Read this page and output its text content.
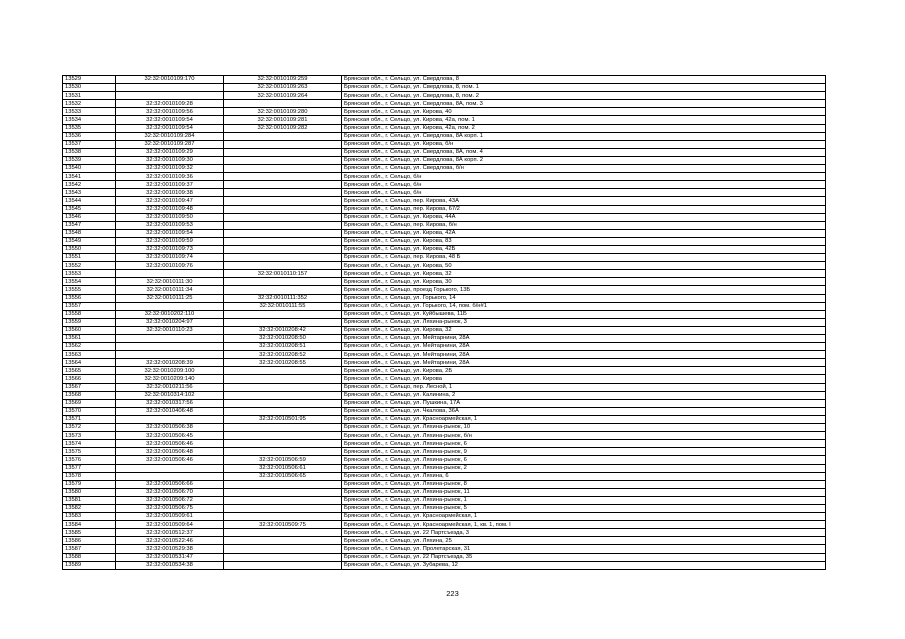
13529	32:32:0010109:170	32:32:0010109:259	Брянская обл., г. Сельцо, ул. Свердлова, 8
13530		32:32:0010109:263	Брянская обл., г. Сельцо, ул. Свердлова, 8, пом. 1
13531		32:32:0010109:264	Брянская обл., г. Сельцо, ул. Свердлова, 8, пом. 2
13532	32:32:0010109:28		Брянская обл., г. Сельцо, ул. Свердлова, 8А, пом. 3
13533	32:32:0010109:56	32:32:0010109:280	Брянская обл., г. Сельцо, ул. Кирова, 40
13534	32:32:0010109:54	32:32:0010109:281	Брянская обл., г. Сельцо, ул. Кирова, 42а, пом. 1
13535	32:32:0010109:54	32:32:0010109:282	Брянская обл., г. Сельцо, ул. Кирова, 42а, пом. 2
13536	32:32:0010109:284		Брянская обл., г. Сельцо, ул. Свердлова, 8А корп. 1
13537	32:32:0010109:287		Брянская обл., г. Сельцо, ул. Кирова, б/н
13538	32:32:0010109:29		Брянская обл., г. Сельцо, ул. Свердлова, 8А, пом. 4
13539	32:32:0010109:30		Брянская обл., г. Сельцо, ул. Свердлова, 8А корп. 2
13540	32:32:0010109:32		Брянская обл., г. Сельцо, ул. Свердлова, б/н
13541	32:32:0010109:36		Брянская обл., г. Сельцо, б/н
13542	32:32:0010109:37		Брянская обл., г. Сельцо, б/н
13543	32:32:0010109:38		Брянская обл., г. Сельцо, б/н
13544	32:32:0010109:47		Брянская обл., г. Сельцо, пер. Кирова, 43А
13545	32:32:0010109:48		Брянская обл., г. Сельцо, пер. Кирова, 67/2
13546	32:32:0010109:50		Брянская обл., г. Сельцо, ул. Кирова, 44А
13547	32:32:0010109:53		Брянская обл., г. Сельцо, пер. Кирова, б/н
13548	32:32:0010109:54		Брянская обл., г. Сельцо, ул. Кирова, 42А
13549	32:32:0010109:59		Брянская обл., г. Сельцо, ул. Кирова, 83
13550	32:32:0010109:73		Брянская обл., г. Сельцо, ул. Кирова, 42Б
13551	32:32:0010109:74		Брянская обл., г. Сельцо, пер. Кирова, 48 Б
13552	32:32:0010109:76		Брянская обл., г. Сельцо, ул. Кирова, 50
13553		32:32:0010110:157	Брянская обл., г. Сельцо, ул. Кирова, 32
13554	32:32:0010111:30		Брянская обл., г. Сельцо, ул. Кирова, 30
13555	32:32:0010111:34		Брянская обл., г. Сельцо, проезд Горького, 13Б
13556	32:32:0010111:25	32:32:0010111:352	Брянская обл., г. Сельцо, ул. Горького, 14
13557		32:32:0010111:55	Брянская обл., г. Сельцо, ул. Горького, 14, пом. б/н#1
13558	32:32:0010202:110		Брянская обл., г. Сельцо, ул. Куйбышева, 11Б
13559	32:32:0010204:97		Брянская обл., г. Сельцо, ул. Ляхина-рынок, 3
13560	32:32:0010110:23	32:32:0010208:42	Брянская обл., г. Сельцо, ул. Кирова, 32
13561		32:32:0010208:50	Брянская обл., г. Сельцо, ул. Мейтарнини, 28А
13562		32:32:0010208:51	Брянская обл., г. Сельцо, ул. Мейтарнини, 28А
13563		32:32:0010208:52	Брянская обл., г. Сельцо, ул. Мейтарнини, 28А
13564	32:32:0010208:39	32:32:0010208:55	Брянская обл., г. Сельцо, ул. Мейтарнини, 28А
13565	32:32:0010209:100		Брянская обл., г. Сельцо, ул. Кирова, 2Б
13566	32:32:0010209:140		Брянская обл., г. Сельцо, ул. Кирова
13567	32:32:0010211:56		Брянская обл., г. Сельцо, пер. Лесной, 1
13568	32:32:0010314:102		Брянская обл., г. Сельцо, ул. Калинина, 2
13569	32:32:0010317:56		Брянская обл., г. Сельцо, ул. Пушкина, 17А
13570	32:32:0010406:48		Брянская обл., г. Сельцо, ул. Чкалова, 36А
13571		32:32:0010501:95	Брянская обл., г. Сельцо, ул. Красноармейская, 1
13572	32:32:0010506:38		Брянская обл., г. Сельцо, ул. Ляхина-рынок, 10
13573	32:32:0010506:45		Брянская обл., г. Сельцо, ул. Ляхина-рынок, б/н
13574	32:32:0010506:46		Брянская обл., г. Сельцо, ул. Ляхина-рынок, 6
13575	32:32:0010506:48		Брянская обл., г. Сельцо, ул. Ляхина-рынок, 9
13576	32:32:0010506:46	32:32:0010506:59	Брянская обл., г. Сельцо, ул. Ляхина-рынок, 6
13577		32:32:0010506:61	Брянская обл., г. Сельцо, ул. Ляхина-рынок, 2
13578		32:32:0010506:65	Брянская обл., г. Сельцо, ул. Ляхина, 6
13579	32:32:0010506:66		Брянская обл., г. Сельцо, ул. Ляхина-рынок, 8
13580	32:32:0010506:70		Брянская обл., г. Сельцо, ул. Ляхина-рынок, 11
13581	32:32:0010506:72		Брянская обл., г. Сельцо, ул. Ляхина-рынок, 1
13582	32:32:0010506:75		Брянская обл., г. Сельцо, ул. Ляхина-рынок, 5
13583	32:32:0010509:61		Брянская обл., г. Сельцо, ул. Красноармейская, 1
13584	32:32:0010509:64	32:32:0010509:75	Брянская обл., г. Сельцо, ул. Красноармейская, 1, кв. 1, пом. I
13585	32:32:0010512:37		Брянская обл., г. Сельцо, ул. 22 Партсъезда, 3
13586	32:32:0010522:46		Брянская обл., г. Сельцо, ул. Ляхина, 25
13587	32:32:0010529:38		Брянская обл., г. Сельцо, ул. Пролетарская, 31
13588	32:32:0010531:47		Брянская обл., г. Сельцо, ул. 22 Партсъезда, 35
13589	32:32:0010534:38		Брянская обл., г. Сельцо, ул. Зубарева, 12
223
